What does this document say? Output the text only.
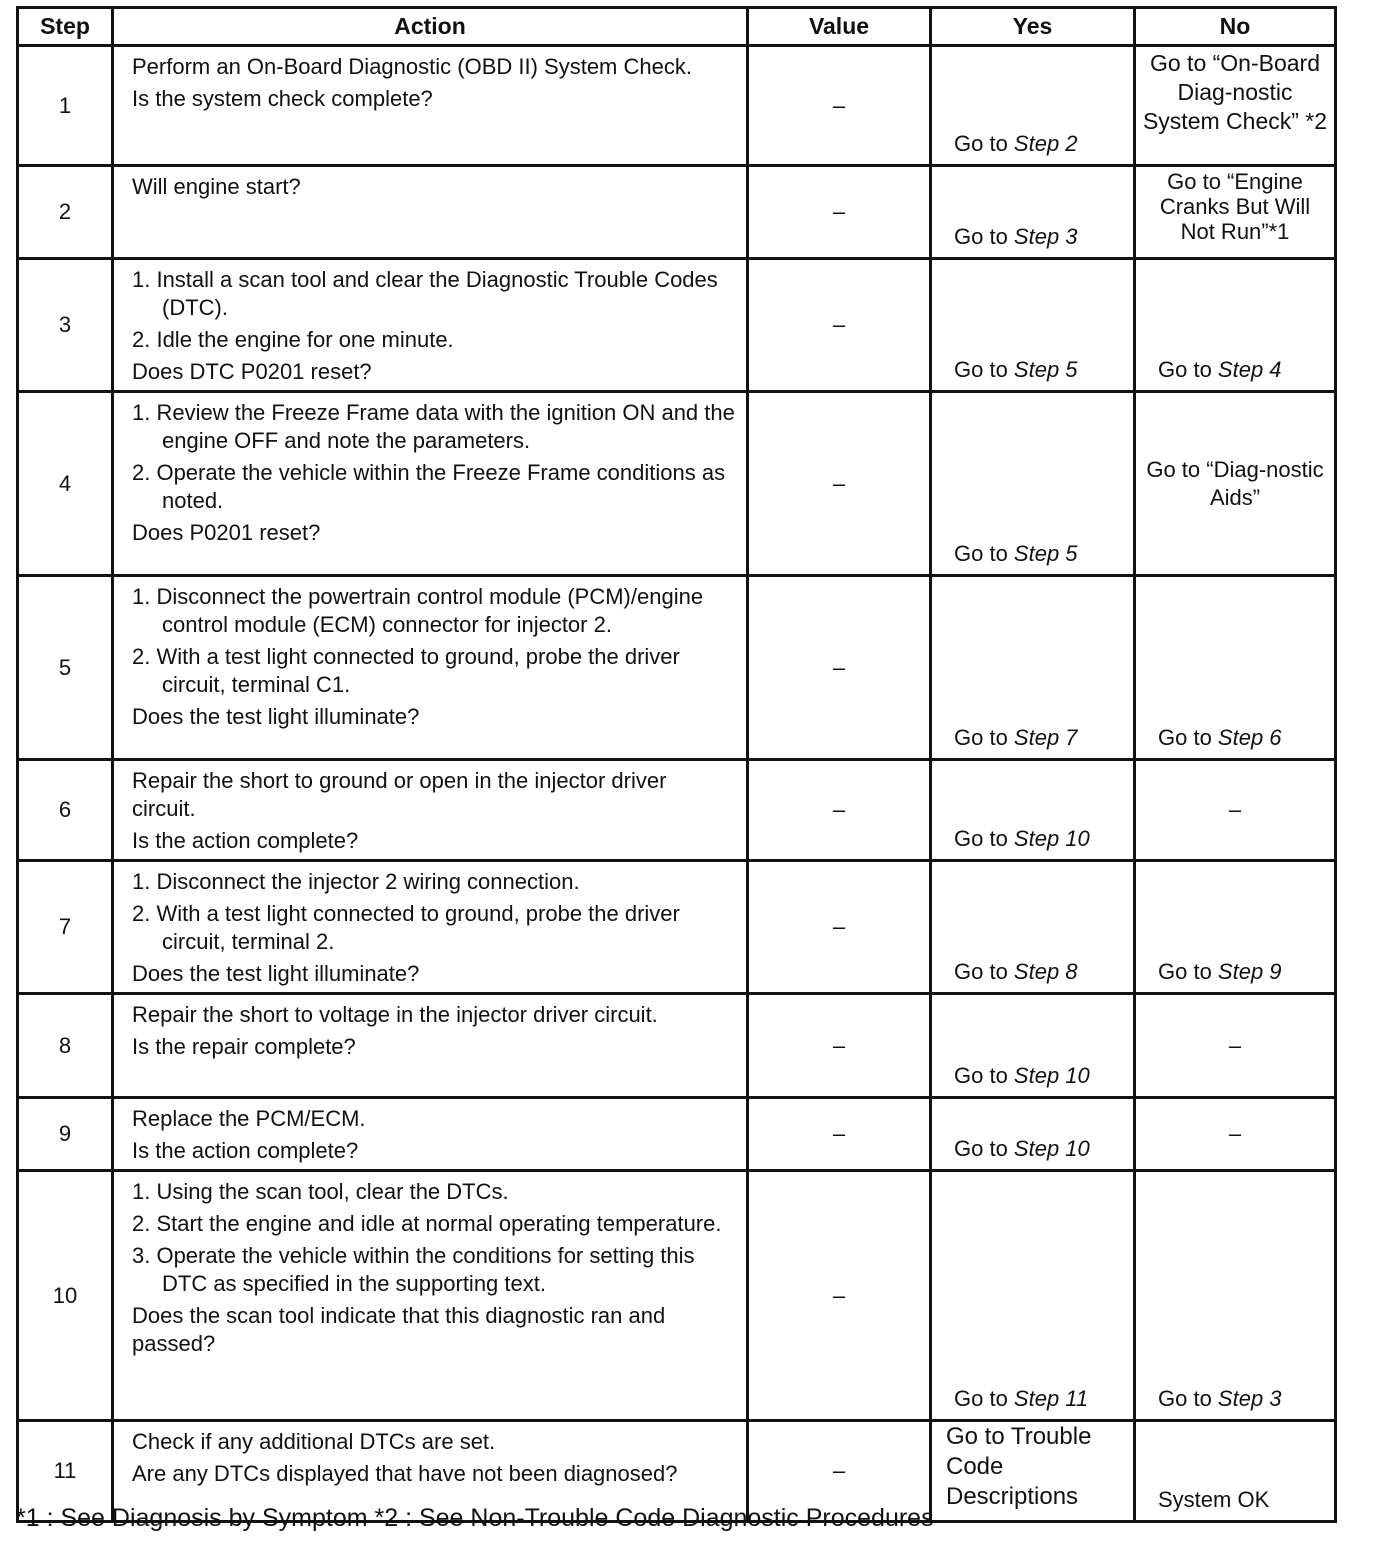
Step	Action	Value	Yes	No
1	Perform an On-Board Diagnostic (OBD II) System Check.
Is the system check complete?	–	Go to Step 2	Go to “On-Board Diag-nostic System Check” *2
2	Will engine start?	–	Go to Step 3	Go to “Engine Cranks But Will Not Run”*1
3	1. Install a scan tool and clear the Diagnostic Trouble Codes (DTC).
2. Idle the engine for one minute.
Does DTC P0201 reset?	–	Go to Step 5	Go to Step 4
4	1. Review the Freeze Frame data with the ignition ON and the engine OFF and note the parameters.
2. Operate the vehicle within the Freeze Frame conditions as noted.
Does P0201 reset?	–	Go to Step 5	Go to “Diag-nostic Aids”
5	1. Disconnect the powertrain control module (PCM)/engine control module (ECM) connector for injector 2.
2. With a test light connected to ground, probe the driver circuit, terminal C1.
Does the test light illuminate?	–	Go to Step 7	Go to Step 6
6	Repair the short to ground or open in the injector driver circuit.
Is the action complete?	–	Go to Step 10	–
7	1. Disconnect the injector 2 wiring connection.
2. With a test light connected to ground, probe the driver circuit, terminal 2.
Does the test light illuminate?	–	Go to Step 8	Go to Step 9
8	Repair the short to voltage in the injector driver circuit.
Is the repair complete?	–	Go to Step 10	–
9	Replace the PCM/ECM.
Is the action complete?	–	Go to Step 10	–
10	1. Using the scan tool, clear the DTCs.
2. Start the engine and idle at normal operating temperature.
3. Operate the vehicle within the conditions for setting this DTC as specified in the supporting text.
Does the scan tool indicate that this diagnostic ran and passed?	–	Go to Step 11	Go to Step 3
11	Check if any additional DTCs are set.
Are any DTCs displayed that have not been diagnosed?	–	Go to Trouble Code Descriptions	System OK
*1 : See Diagnosis by Symptom *2 : See Non-Trouble Code Diagnostic Procedures
